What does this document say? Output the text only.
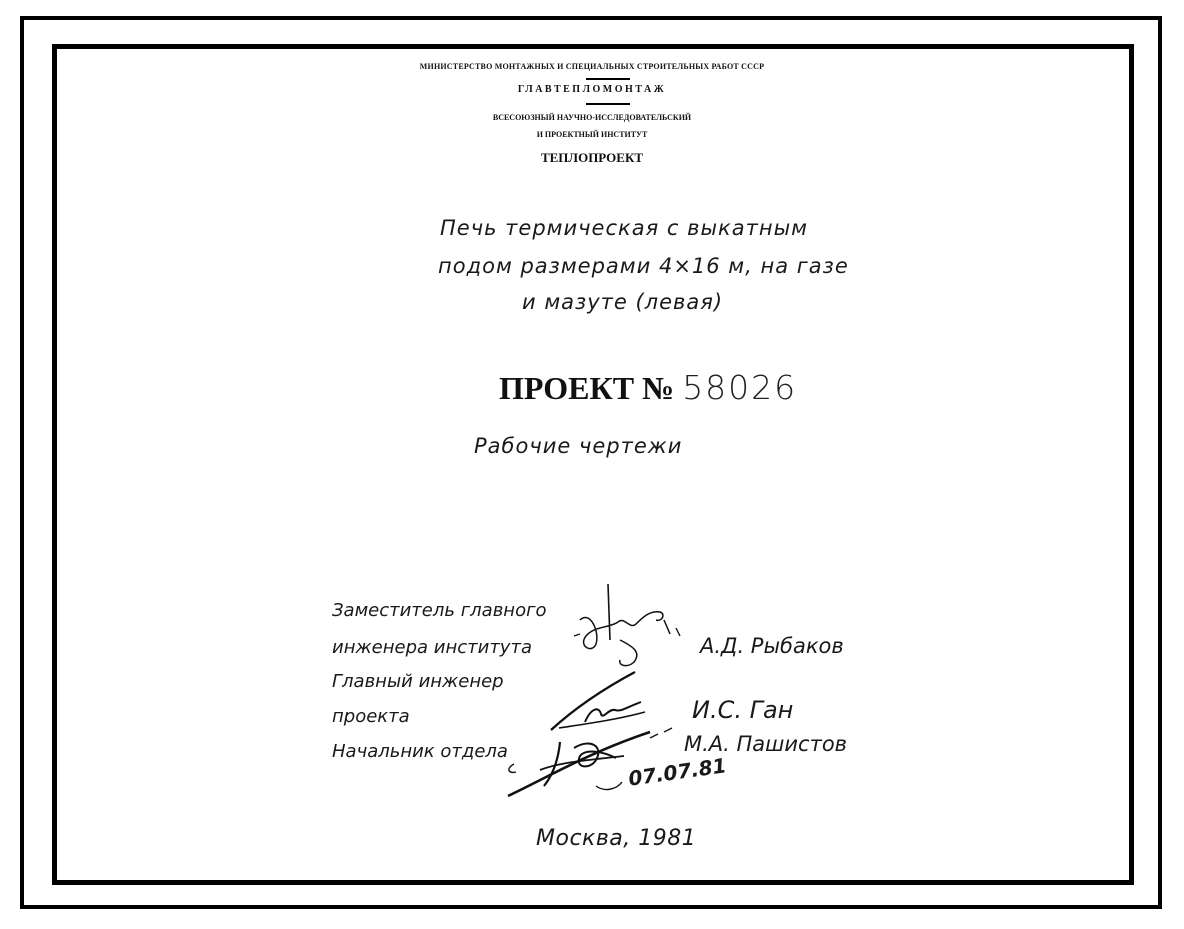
МИНИСТЕРСТВО МОНТАЖНЫХ И СПЕЦИАЛЬНЫХ СТРОИТЕЛЬНЫХ РАБОТ СССР
ГЛАВТЕПЛОМОНТАЖ
ВСЕСОЮЗНЫЙ НАУЧНО-ИССЛЕДОВАТЕЛЬСКИЙ
И ПРОЕКТНЫЙ ИНСТИТУТ
ТЕПЛОПРОЕКТ
Печь термическая с выкатным
подом размерами 4×16 м, на газе
и мазуте (левая)
ПРОЕКТ № 58026
Рабочие чертежи
Заместитель главного
инженера института
Главный инженер
проекта
Начальник отдела
А.Д. Рыбаков
И.С. Ган
М.А. Пашистов
07.07.81
Москва, 1981
